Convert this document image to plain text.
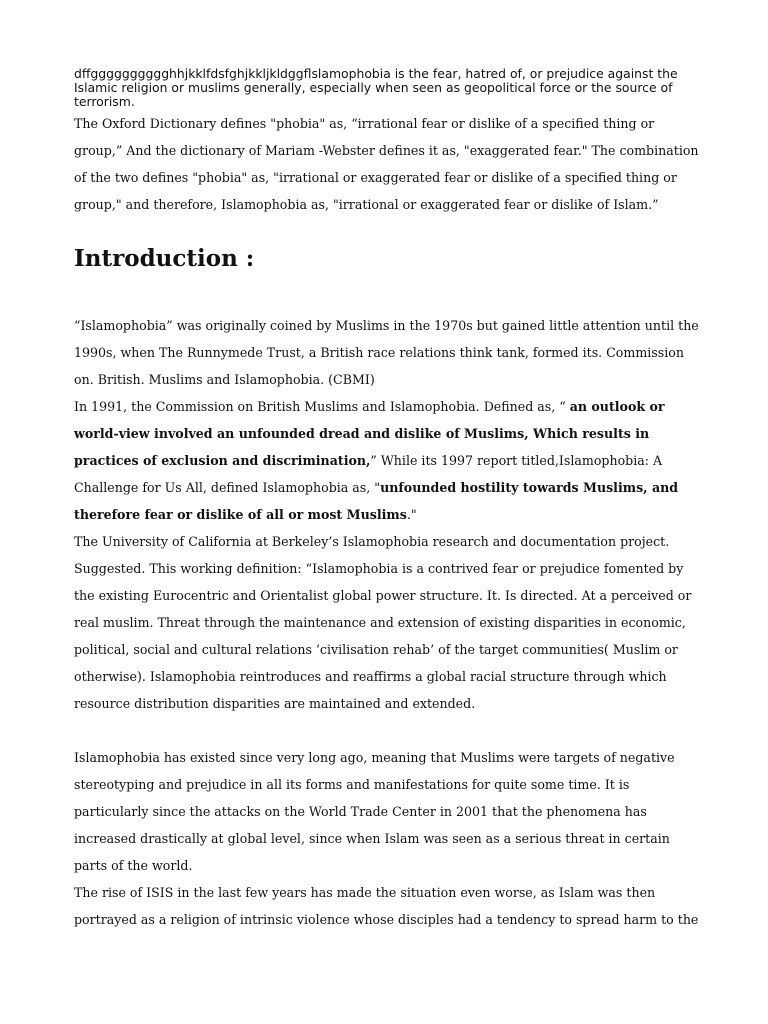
dffgggggggggghhjkklfdsfghjkkljkldggflslamophobia is the fear, hatred of, or prejudice against the Islamic religion or muslims generally, especially when seen as geopolitical force or the source of terrorism.

The Oxford Dictionary defines "phobia" as, “irrational fear or dislike of a specified thing or group,” And the dictionary of Mariam -Webster defines it as, "exaggerated fear." The combination of the two defines "phobia" as, "irrational or exaggerated fear or dislike of a specified thing or group," and therefore, Islamophobia as, "irrational or exaggerated fear or dislike of Islam.”

Introduction :

“Islamophobia” was originally coined by Muslims in the 1970s but gained little attention until the 1990s, when The Runnymede Trust, a British race relations think tank, formed its. Commission on. British. Muslims and Islamophobia. (CBMI)

In 1991, the Commission on British Muslims and Islamophobia. Defined as, “ an outlook or world-view involved an unfounded dread and dislike of Muslims, Which results in practices of exclusion and discrimination,” While its 1997 report titled,Islamophobia: A Challenge for Us All, defined Islamophobia as, "unfounded hostility towards Muslims, and therefore fear or dislike of all or most Muslims."

The University of California at Berkeley’s Islamophobia research and documentation project. Suggested. This working definition: “Islamophobia is a contrived fear or prejudice fomented by the existing Eurocentric and Orientalist global power structure. It. Is directed. At a perceived or real muslim. Threat through the maintenance and extension of existing disparities in economic, political, social and cultural relations ‘civilisation rehab’ of the target communities( Muslim or otherwise). Islamophobia reintroduces and reaffirms a global racial structure through which resource distribution disparities are maintained and extended.

Islamophobia has existed since very long ago, meaning that Muslims were targets of negative stereotyping and prejudice in all its forms and manifestations for quite some time. It is particularly since the attacks on the World Trade Center in 2001 that the phenomena has increased drastically at global level, since when Islam was seen as a serious threat in certain parts of the world.

The rise of ISIS in the last few years has made the situation even worse, as Islam was then portrayed as a religion of intrinsic violence whose disciples had a tendency to spread harm to the
